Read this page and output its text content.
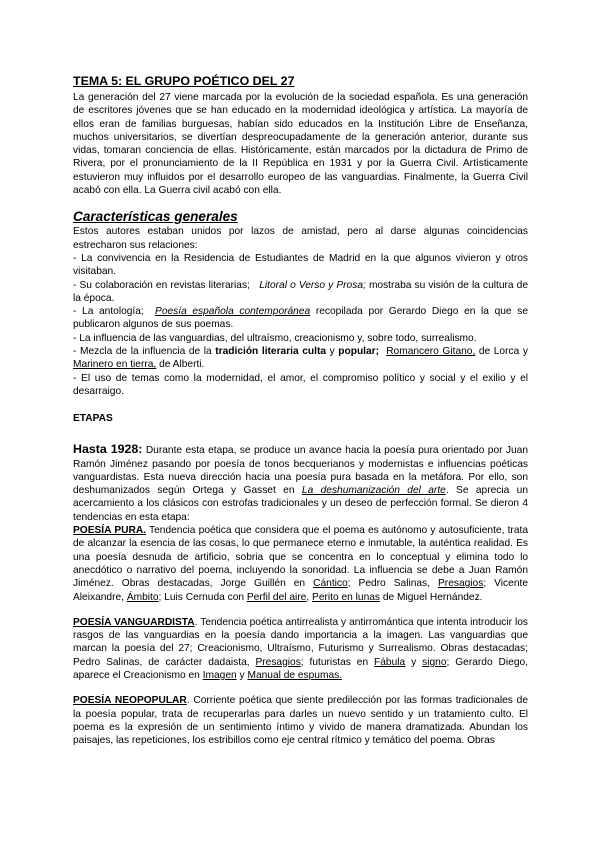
TEMA 5: EL GRUPO POÉTICO DEL 27

La generación del 27 viene marcada por la evolución de la sociedad española. Es una generación de escritores jóvenes que se han educado en la modernidad ideológica y artística. La mayoría de ellos eran de familias burguesas, habían sido educados en la Institución Libre de Enseñanza, muchos universitarios, se divertían despreocupadamente de la generación anterior, durante sus vidas, tomaran conciencia de ellas. Históricamente, están marcados por la dictadura de Primo de Rivera, por el pronunciamiento de la II República en 1931 y por la Guerra Civil. Artísticamente estuvieron muy influidos por el desarrollo europeo de las vanguardias. Finalmente, la Guerra Civil acabó con ella. La Guerra civil acabó con ella.

Características generales

Estos autores estaban unidos por lazos de amistad, pero al darse algunas coincidencias estrecharon sus relaciones:

- La convivencia en la Residencia de Estudiantes de Madrid en la que algunos vivieron y otros visitaban.

- Su colaboración en revistas literarias; Litoral o Verso y Prosa; mostraba su visión de la cultura de la época.

- La antología; Poesía española contemporánea recopilada por Gerardo Diego en la que se publicaron algunos de sus poemas.

- La influencia de las vanguardias, del ultraísmo, creacionismo y, sobre todo, surrealismo.

- Mezcla de la influencia de la tradición literaria culta y popular; Romancero Gitano, de Lorca y Marinero en tierra, de Alberti.

- El uso de temas como la modernidad, el amor, el compromiso político y social y el exilio y el desarraigo.

ETAPAS

Hasta 1928: Durante esta etapa, se produce un avance hacia la poesía pura orientado por Juan Ramón Jiménez pasando por poesía de tonos becquerianos y modernistas e influencias poéticas vanguardistas. Esta nueva dirección hacia una poesía pura basada en la metáfora. Por ello, son deshumanizados según Ortega y Gasset en La deshumanización del arte. Se aprecia un acercamiento a los clásicos con estrofas tradicionales y un deseo de perfección formal. Se dieron 4 tendencias en esta etapa:

POESÍA PURA. Tendencia poética que considera que el poema es autónomo y autosuficiente, trata de alcanzar la esencia de las cosas, lo que permanece eterno e inmutable, la auténtica realidad. Es una poesía desnuda de artificio, sobria que se concentra en lo conceptual y elimina todo lo anecdótico o narrativo del poema, incluyendo la sonoridad. La influencia se debe a Juan Ramón Jiménez. Obras destacadas, Jorge Guillén en Cántico; Pedro Salinas, Presagios; Vicente Aleixandre, Ámbito; Luis Cernuda con Perfil del aire, Perito en lunas de Miguel Hernández.

POESÍA VANGUARDISTA. Tendencia poética antirrealista y antirromántica que intenta introducir los rasgos de las vanguardias en la poesía dando importancia a la imagen. Las vanguardias que marcan la poesía del 27; Creacionismo, Ultraísmo, Futurismo y Surrealismo. Obras destacadas; Pedro Salinas, de carácter dadaista, Presagios; futuristas en Fábula y signo; Gerardo Diego, aparece el Creacionismo en Imagen y Manual de espumas.

POESÍA NEOPOPULAR. Corriente poética que siente predilección por las formas tradicionales de la poesía popular, trata de recuperarlas para darles un nuevo sentido y un tratamiento culto. El poema es la expresión de un sentimiento íntimo y vivido de manera dramatizada. Abundan los paisajes, las repeticiones, los estribillos como eje central rítmico y temático del poema. Obras
